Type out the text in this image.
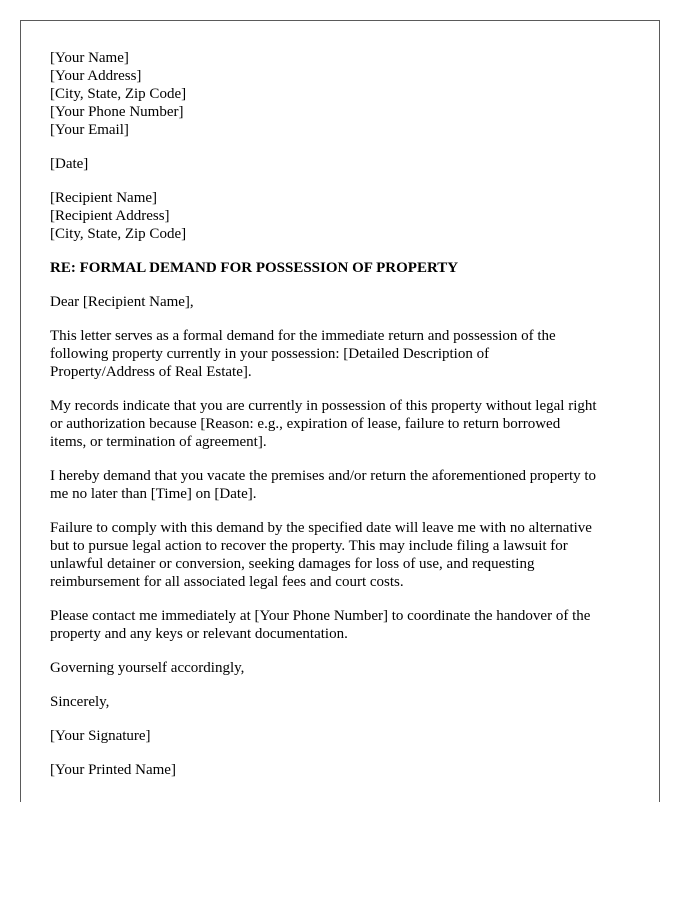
[Your Name]
[Your Address]
[City, State, Zip Code]
[Your Phone Number]
[Your Email]
[Date]
[Recipient Name]
[Recipient Address]
[City, State, Zip Code]
RE: FORMAL DEMAND FOR POSSESSION OF PROPERTY
Dear [Recipient Name],
This letter serves as a formal demand for the immediate return and possession of the
following property currently in your possession: [Detailed Description of
Property/Address of Real Estate].
My records indicate that you are currently in possession of this property without legal right
or authorization because [Reason: e.g., expiration of lease, failure to return borrowed
items, or termination of agreement].
I hereby demand that you vacate the premises and/or return the aforementioned property to
me no later than [Time] on [Date].
Failure to comply with this demand by the specified date will leave me with no alternative
but to pursue legal action to recover the property. This may include filing a lawsuit for
unlawful detainer or conversion, seeking damages for loss of use, and requesting
reimbursement for all associated legal fees and court costs.
Please contact me immediately at [Your Phone Number] to coordinate the handover of the
property and any keys or relevant documentation.
Governing yourself accordingly,
Sincerely,
[Your Signature]
[Your Printed Name]
